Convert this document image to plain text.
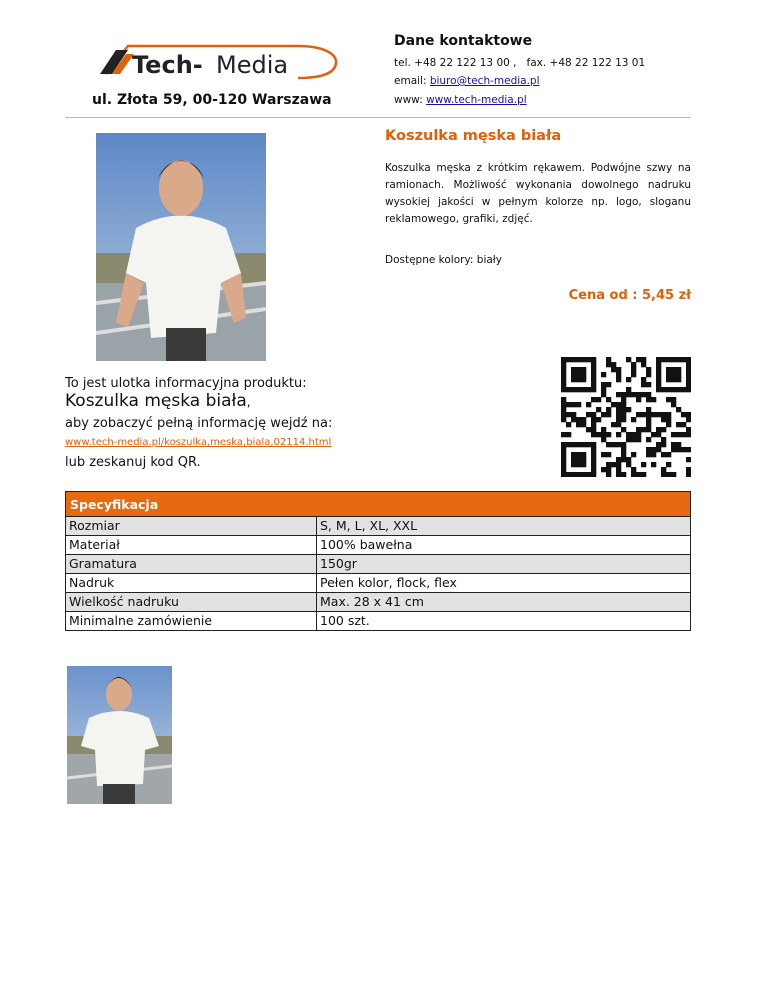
Tech- Media
ul. Złota 59, 00-120 Warszawa
Dane kontaktowe
tel. +48 22 122 13 00 , fax. +48 22 122 13 01
email: biuro@tech-media.pl
www: www.tech-media.pl
Koszulka męska biała
Koszulka męska z krótkim rękawem. Podwójne szwy na ramionach. Możliwość wykonania dowolnego nadruku wysokiej jakości w pełnym kolorze np. logo, sloganu reklamowego, grafiki, zdjęć.
Dostępne kolory: biały
Cena od : 5,45 zł
To jest ulotka informacyjna produktu:
Koszulka męska biała,
aby zobaczyć pełną informację wejdź na:
www.tech-media.pl/koszulka,meska,biala,02114.html
lub zeskanuj kod QR.
Specyfikacja	
Rozmiar	S, M, L, XL, XXL
Materiał	100% bawełna
Gramatura	150gr
Nadruk	Pełen kolor, flock, flex
Wielkość nadruku	Max. 28 x 41 cm
Minimalne zamówienie	100 szt.
